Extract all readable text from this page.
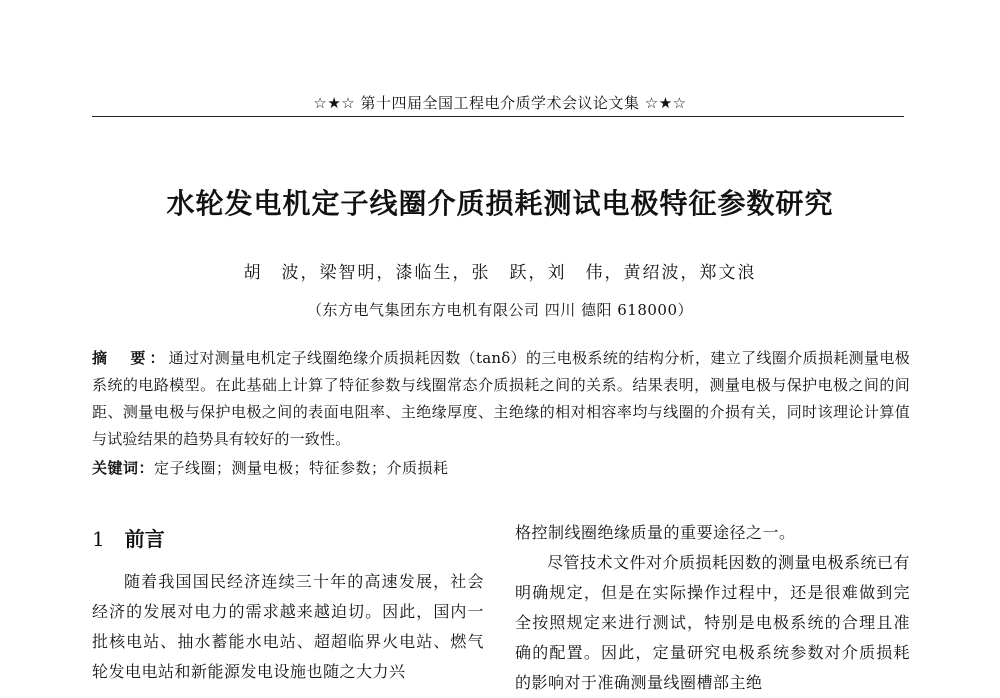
☆★☆ 第十四届全国工程电介质学术会议论文集 ☆★☆
水轮发电机定子线圈介质损耗测试电极特征参数研究
胡　波，梁智明，漆临生，张　跃，刘　伟，黄绍波，郑文浪
（东方电气集团东方电机有限公司 四川 德阳 618000）
摘　要：通过对测量电机定子线圈绝缘介质损耗因数（tanδ）的三电极系统的结构分析，建立了线圈介质损耗测量电极系统的电路模型。在此基础上计算了特征参数与线圈常态介质损耗之间的关系。结果表明，测量电极与保护电极之间的间距、测量电极与保护电极之间的表面电阻率、主绝缘厚度、主绝缘的相对相容率均与线圈的介损有关，同时该理论计算值与试验结果的趋势具有较好的一致性。
关键词：定子线圈；测量电极；特征参数；介质损耗
1 前言

随着我国国民经济连续三十年的高速发展，社会经济的发展对电力的需求越来越迫切。因此，国内一批核电站、抽水蓄能水电站、超超临界火电站、燃气轮发电电站和新能源发电设施也随之大力兴

格控制线圈绝缘质量的重要途径之一。

尽管技术文件对介质损耗因数的测量电极系统已有明确规定，但是在实际操作过程中，还是很难做到完全按照规定来进行测试，特别是电极系统的合理且准确的配置。因此，定量研究电极系统参数对介质损耗的影响对于准确测量线圈槽部主绝
